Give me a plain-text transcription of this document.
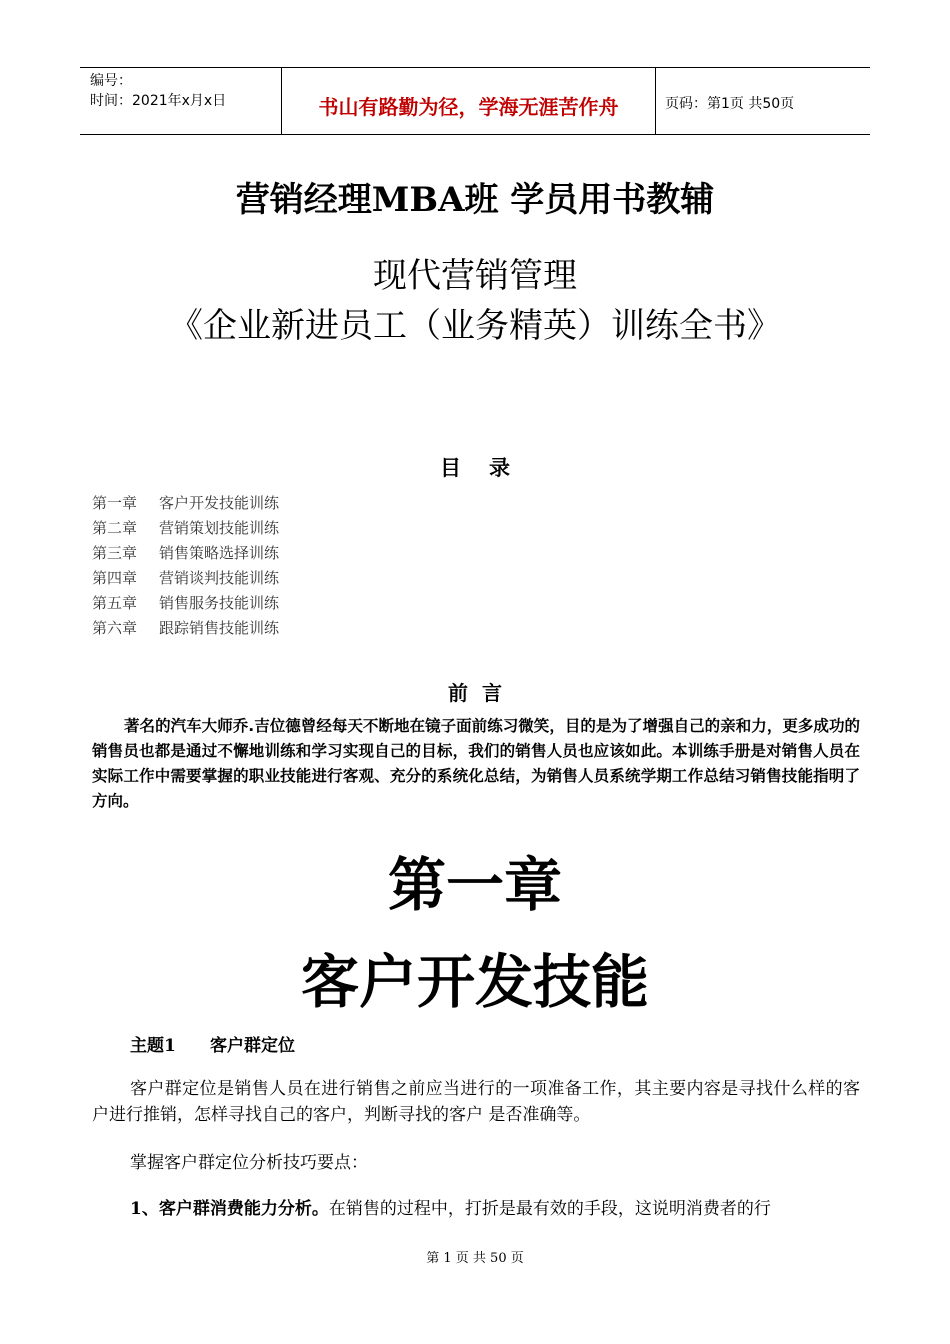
编号：
时间：2021年x月x日	书山有路勤为径，学海无涯苦作舟	页码：第1页 共50页
营销经理MBA班 学员用书教辅
现代营销管理
《企业新进员工（业务精英）训练全书》
目录
第一章 客户开发技能训练
第二章 营销策划技能训练
第三章 销售策略选择训练
第四章 营销谈判技能训练
第五章 销售服务技能训练
第六章 跟踪销售技能训练
前言
著名的汽车大师乔.吉位德曾经每天不断地在镜子面前练习微笑，目的是为了增强自己的亲和力，更多成功的销售员也都是通过不懈地训练和学习实现自己的目标，我们的销售人员也应该如此。本训练手册是对销售人员在实际工作中需要掌握的职业技能进行客观、充分的系统化总结，为销售人员系统学期工作总结习销售技能指明了方向。
第一章
客户开发技能
主题1 客户群定位
客户群定位是销售人员在进行销售之前应当进行的一项准备工作，其主要内容是寻找什么样的客户进行推销，怎样寻找自己的客户，判断寻找的客户 是否准确等。
掌握客户群定位分析技巧要点：
1、客户群消费能力分析。在销售的过程中，打折是最有效的手段，这说明消费者的行
第 1 页 共 50 页
